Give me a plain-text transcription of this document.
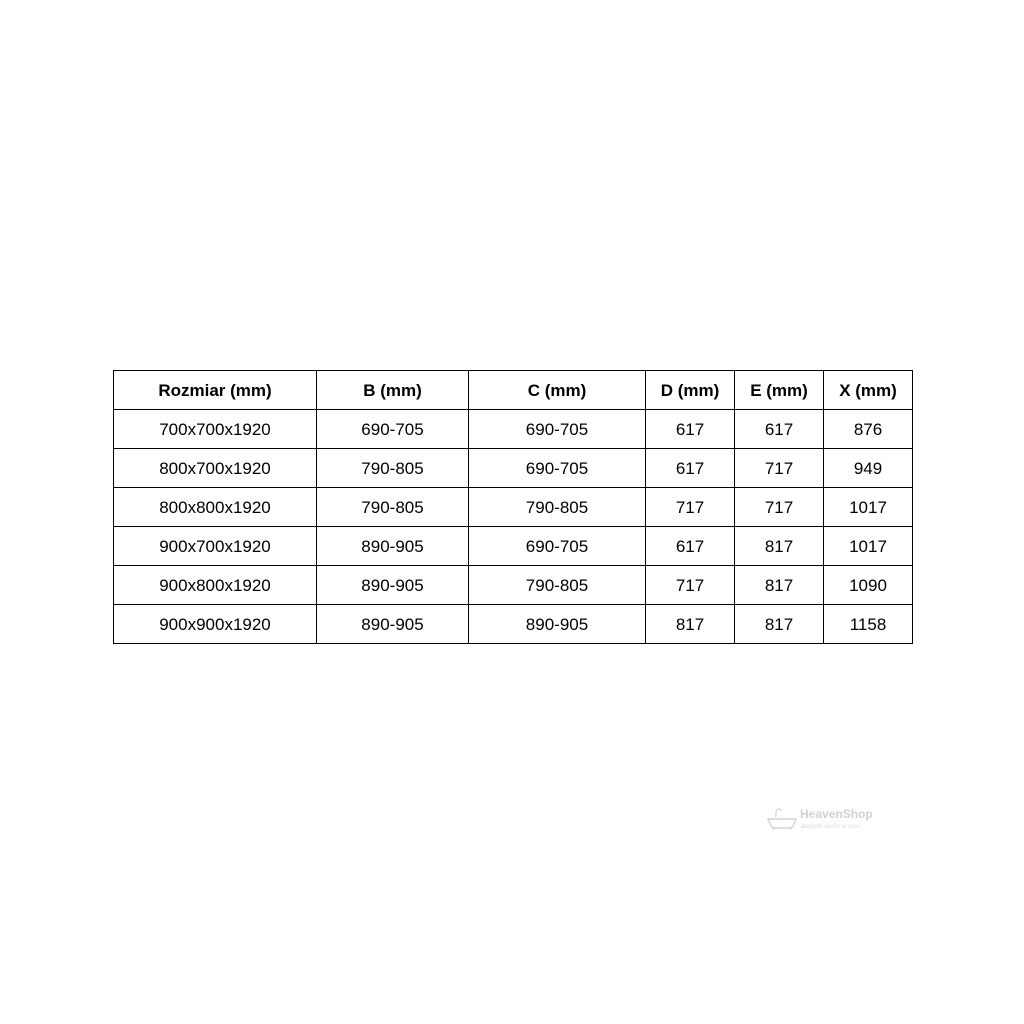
Rozmiar (mm)	B (mm)	C (mm)	D (mm)	E (mm)	X (mm)
700x700x1920	690-705	690-705	617	617	876
800x700x1920	790-805	690-705	617	717	949
800x800x1920	790-805	790-805	717	717	1017
900x700x1920	890-905	690-705	617	817	1017
900x800x1920	890-905	790-805	717	817	1090
900x900x1920	890-905	890-905	817	817	1158
HeavenShop
łazienki niebo w sieci
